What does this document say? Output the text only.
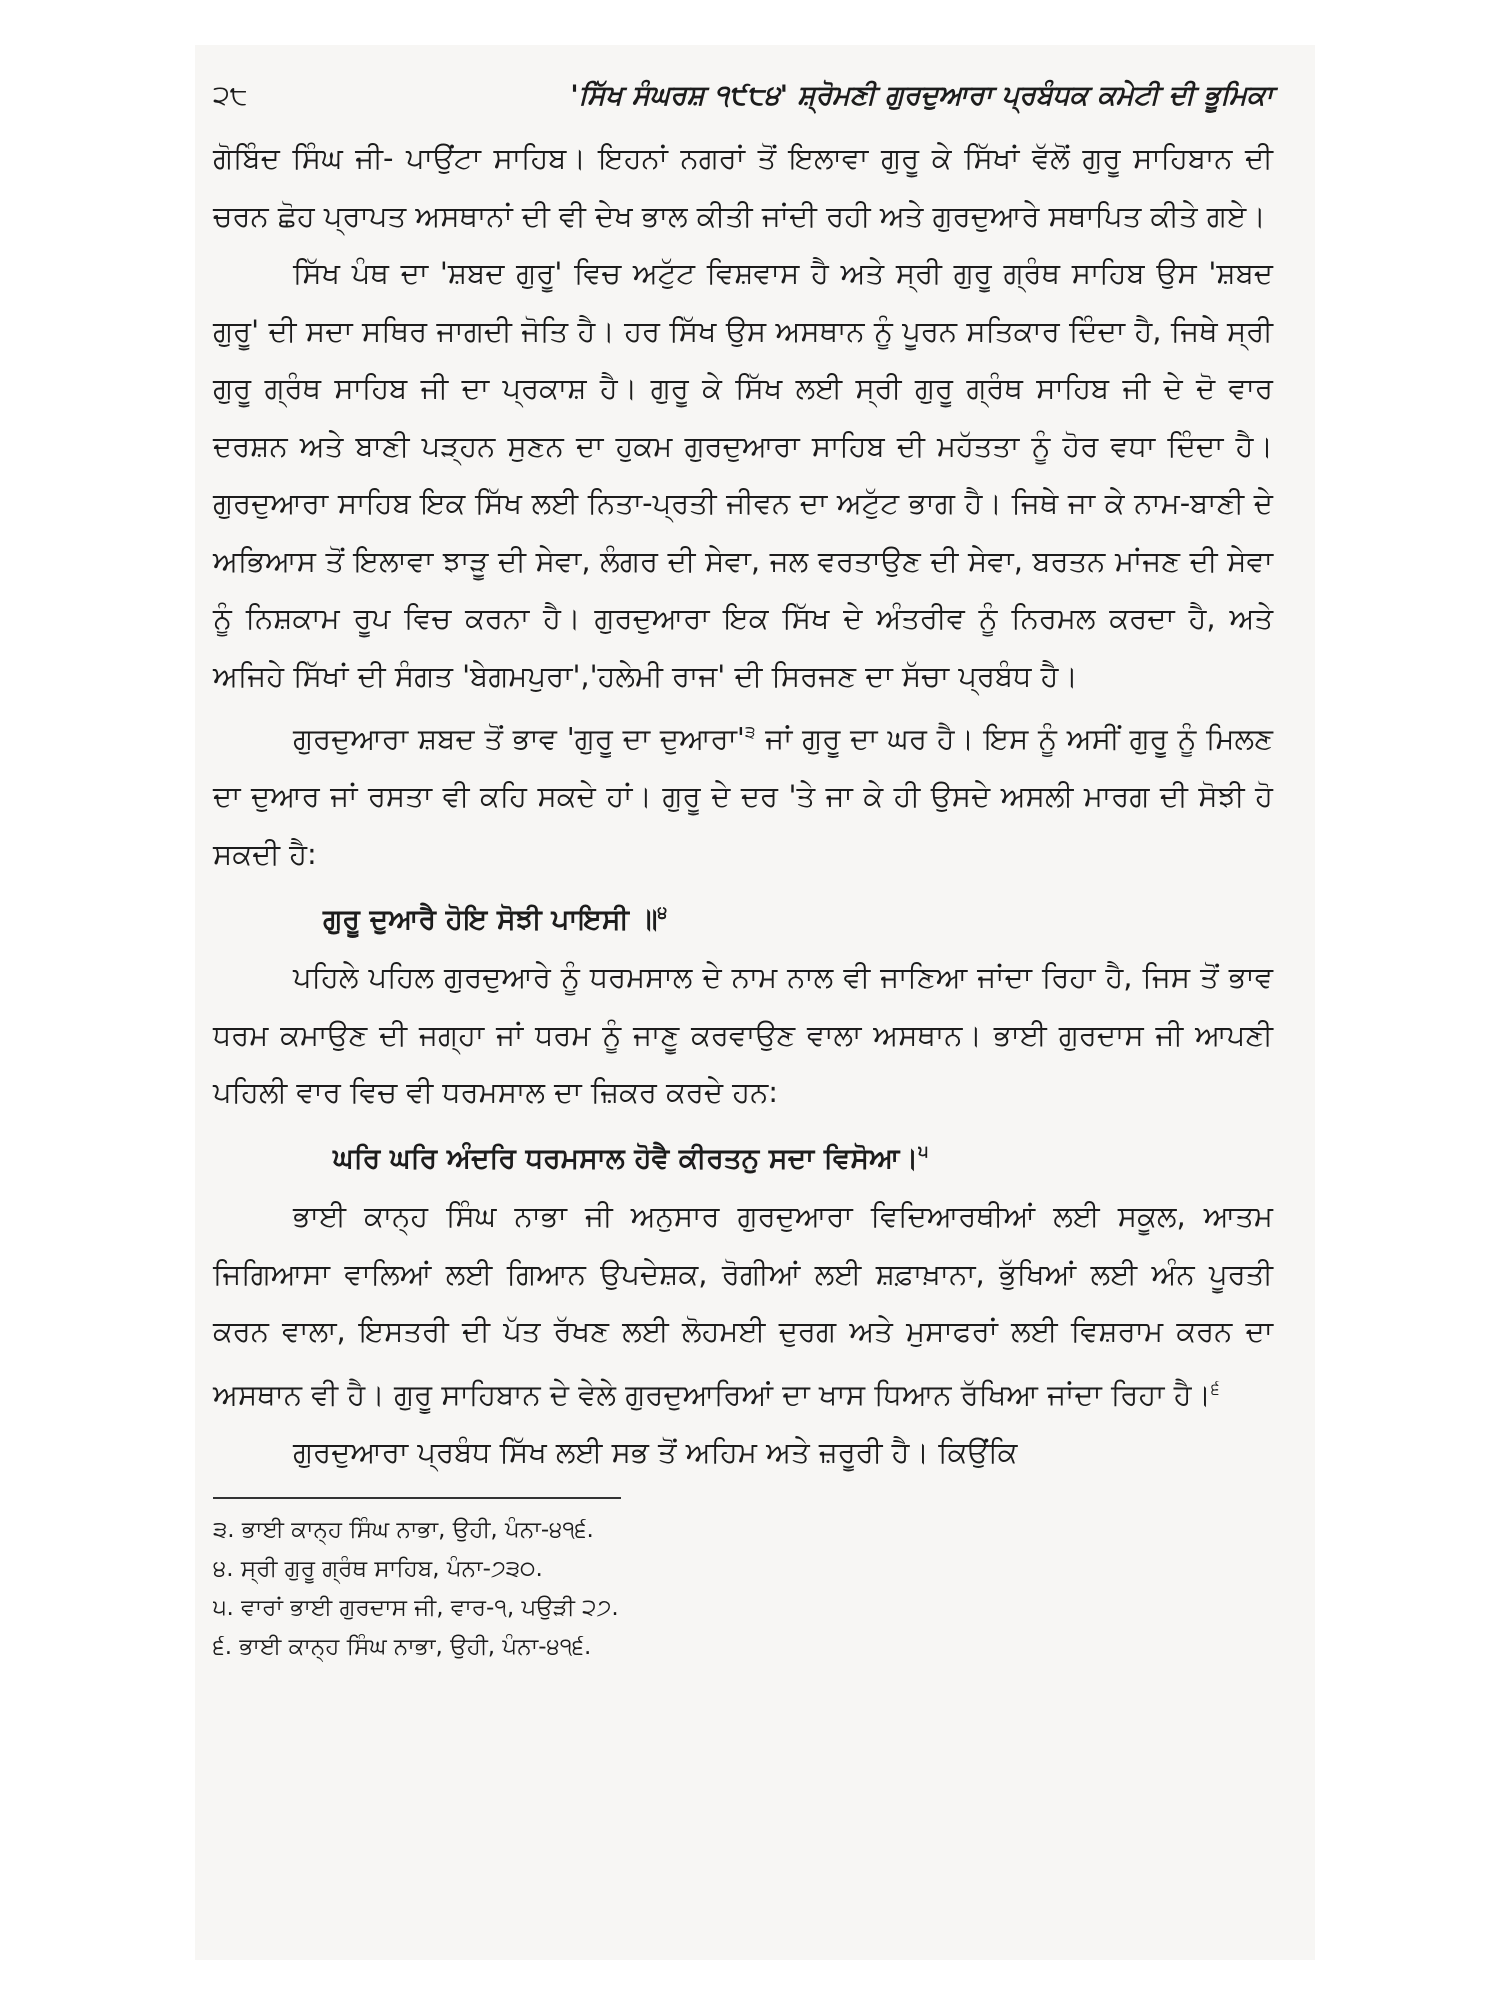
੨੮	'ਸਿੱਖ ਸੰਘਰਸ਼ ੧੯੮੪' ਸ਼੍ਰੋਮਣੀ ਗੁਰਦੁਆਰਾ ਪ੍ਰਬੰਧਕ ਕਮੇਟੀ ਦੀ ਭੂਮਿਕਾ

ਗੋਬਿੰਦ ਸਿੰਘ ਜੀ- ਪਾਉਂਟਾ ਸਾਹਿਬ। ਇਹਨਾਂ ਨਗਰਾਂ ਤੋਂ ਇਲਾਵਾ ਗੁਰੂ ਕੇ ਸਿੱਖਾਂ ਵੱਲੋਂ ਗੁਰੂ ਸਾਹਿਬਾਨ ਦੀ ਚਰਨ ਛੋਹ ਪ੍ਰਾਪਤ ਅਸਥਾਨਾਂ ਦੀ ਵੀ ਦੇਖ ਭਾਲ ਕੀਤੀ ਜਾਂਦੀ ਰਹੀ ਅਤੇ ਗੁਰਦੁਆਰੇ ਸਥਾਪਿਤ ਕੀਤੇ ਗਏ।

ਸਿੱਖ ਪੰਥ ਦਾ 'ਸ਼ਬਦ ਗੁਰੂ' ਵਿਚ ਅਟੁੱਟ ਵਿਸ਼ਵਾਸ ਹੈ ਅਤੇ ਸ੍ਰੀ ਗੁਰੂ ਗ੍ਰੰਥ ਸਾਹਿਬ ਉਸ 'ਸ਼ਬਦ ਗੁਰੂ' ਦੀ ਸਦਾ ਸਥਿਰ ਜਾਗਦੀ ਜੋਤਿ ਹੈ। ਹਰ ਸਿੱਖ ਉਸ ਅਸਥਾਨ ਨੂੰ ਪੂਰਨ ਸਤਿਕਾਰ ਦਿੰਦਾ ਹੈ, ਜਿਥੇ ਸ੍ਰੀ ਗੁਰੂ ਗ੍ਰੰਥ ਸਾਹਿਬ ਜੀ ਦਾ ਪ੍ਰਕਾਸ਼ ਹੈ। ਗੁਰੂ ਕੇ ਸਿੱਖ ਲਈ ਸ੍ਰੀ ਗੁਰੂ ਗ੍ਰੰਥ ਸਾਹਿਬ ਜੀ ਦੇ ਦੋ ਵਾਰ ਦਰਸ਼ਨ ਅਤੇ ਬਾਣੀ ਪੜ੍ਹਨ ਸੁਣਨ ਦਾ ਹੁਕਮ ਗੁਰਦੁਆਰਾ ਸਾਹਿਬ ਦੀ ਮਹੱਤਤਾ ਨੂੰ ਹੋਰ ਵਧਾ ਦਿੰਦਾ ਹੈ। ਗੁਰਦੁਆਰਾ ਸਾਹਿਬ ਇਕ ਸਿੱਖ ਲਈ ਨਿਤਾ-ਪ੍ਰਤੀ ਜੀਵਨ ਦਾ ਅਟੁੱਟ ਭਾਗ ਹੈ। ਜਿਥੇ ਜਾ ਕੇ ਨਾਮ-ਬਾਣੀ ਦੇ ਅਭਿਆਸ ਤੋਂ ਇਲਾਵਾ ਝਾੜੂ ਦੀ ਸੇਵਾ, ਲੰਗਰ ਦੀ ਸੇਵਾ, ਜਲ ਵਰਤਾਉਣ ਦੀ ਸੇਵਾ, ਬਰਤਨ ਮਾਂਜਣ ਦੀ ਸੇਵਾ ਨੂੰ ਨਿਸ਼ਕਾਮ ਰੂਪ ਵਿਚ ਕਰਨਾ ਹੈ। ਗੁਰਦੁਆਰਾ ਇਕ ਸਿੱਖ ਦੇ ਅੰਤਰੀਵ ਨੂੰ ਨਿਰਮਲ ਕਰਦਾ ਹੈ, ਅਤੇ ਅਜਿਹੇ ਸਿੱਖਾਂ ਦੀ ਸੰਗਤ 'ਬੇਗਮਪੁਰਾ','ਹਲੇਮੀ ਰਾਜ' ਦੀ ਸਿਰਜਣ ਦਾ ਸੱਚਾ ਪ੍ਰਬੰਧ ਹੈ।

ਗੁਰਦੁਆਰਾ ਸ਼ਬਦ ਤੋਂ ਭਾਵ 'ਗੁਰੂ ਦਾ $ਦੁਆਰਾ'^੩$ ਜਾਂ ਗੁਰੂ ਦਾ ਘਰ ਹੈ। ਇਸ ਨੂੰ ਅਸੀਂ ਗੁਰੂ ਨੂੰ ਮਿਲਣ ਦਾ ਦੁਆਰ ਜਾਂ ਰਸਤਾ ਵੀ ਕਹਿ ਸਕਦੇ ਹਾਂ। ਗੁਰੂ ਦੇ ਦਰ 'ਤੇ ਜਾ ਕੇ ਹੀ ਉਸਦੇ ਅਸਲੀ ਮਾਰਗ ਦੀ ਸੋਝੀ ਹੋ ਸਕਦੀ ਹੈ:

ਗੁਰੂ ਦੁਆਰੈ ਹੋਇ ਸੋਝੀ ਪਾਇਸੀ ॥$^੪$

ਪਹਿਲੇ ਪਹਿਲ ਗੁਰਦੁਆਰੇ ਨੂੰ ਧਰਮਸਾਲ ਦੇ ਨਾਮ ਨਾਲ ਵੀ ਜਾਣਿਆ ਜਾਂਦਾ ਰਿਹਾ ਹੈ, ਜਿਸ ਤੋਂ ਭਾਵ ਧਰਮ ਕਮਾਉਣ ਦੀ ਜਗ੍ਹਾ ਜਾਂ ਧਰਮ ਨੂੰ ਜਾਣੂ ਕਰਵਾਉਣ ਵਾਲਾ ਅਸਥਾਨ। ਭਾਈ ਗੁਰਦਾਸ ਜੀ ਆਪਣੀ ਪਹਿਲੀ ਵਾਰ ਵਿਚ ਵੀ ਧਰਮਸਾਲ ਦਾ ਜ਼ਿਕਰ ਕਰਦੇ ਹਨ:

ਘਰਿ ਘਰਿ ਅੰਦਰਿ ਧਰਮਸਾਲ ਹੋਵੈ ਕੀਰਤਨੁ ਸਦਾ ਵਿਸੋਆ।$^੫$

ਭਾਈ ਕਾਨ੍ਹ ਸਿੰਘ ਨਾਭਾ ਜੀ ਅਨੁਸਾਰ ਗੁਰਦੁਆਰਾ ਵਿਦਿਆਰਥੀਆਂ ਲਈ ਸਕੂਲ, ਆਤਮ ਜਿਗਿਆਸਾ ਵਾਲਿਆਂ ਲਈ ਗਿਆਨ ਉਪਦੇਸ਼ਕ, ਰੋਗੀਆਂ ਲਈ ਸ਼ਫ਼ਾਖ਼ਾਨਾ, ਭੁੱਖਿਆਂ ਲਈ ਅੰਨ ਪੂਰਤੀ ਕਰਨ ਵਾਲਾ, ਇਸਤਰੀ ਦੀ ਪੱਤ ਰੱਖਣ ਲਈ ਲੋਹਮਈ ਦੁਰਗ ਅਤੇ ਮੁਸਾਫਰਾਂ ਲਈ ਵਿਸ਼ਰਾਮ ਕਰਨ ਦਾ ਅਸਥਾਨ ਵੀ ਹੈ। ਗੁਰੂ ਸਾਹਿਬਾਨ ਦੇ ਵੇਲੇ ਗੁਰਦੁਆਰਿਆਂ ਦਾ ਖਾਸ ਧਿਆਨ ਰੱਖਿਆ ਜਾਂਦਾ ਰਿਹਾ ਹੈ।$^੬$

ਗੁਰਦੁਆਰਾ ਪ੍ਰਬੰਧ ਸਿੱਖ ਲਈ ਸਭ ਤੋਂ ਅਹਿਮ ਅਤੇ ਜ਼ਰੂਰੀ ਹੈ। ਕਿਉਂਕਿ

੩. ਭਾਈ ਕਾਨ੍ਹ ਸਿੰਘ ਨਾਭਾ, ਉਹੀ, ਪੰਨਾ-੪੧੬.

੪. ਸ੍ਰੀ ਗੁਰੂ ਗ੍ਰੰਥ ਸਾਹਿਬ, ਪੰਨਾ-੭੩੦.

੫. ਵਾਰਾਂ ਭਾਈ ਗੁਰਦਾਸ ਜੀ, ਵਾਰ-੧, ਪਉੜੀ ੨੭.

੬. ਭਾਈ ਕਾਨ੍ਹ ਸਿੰਘ ਨਾਭਾ, ਉਹੀ, ਪੰਨਾ-੪੧੬.
